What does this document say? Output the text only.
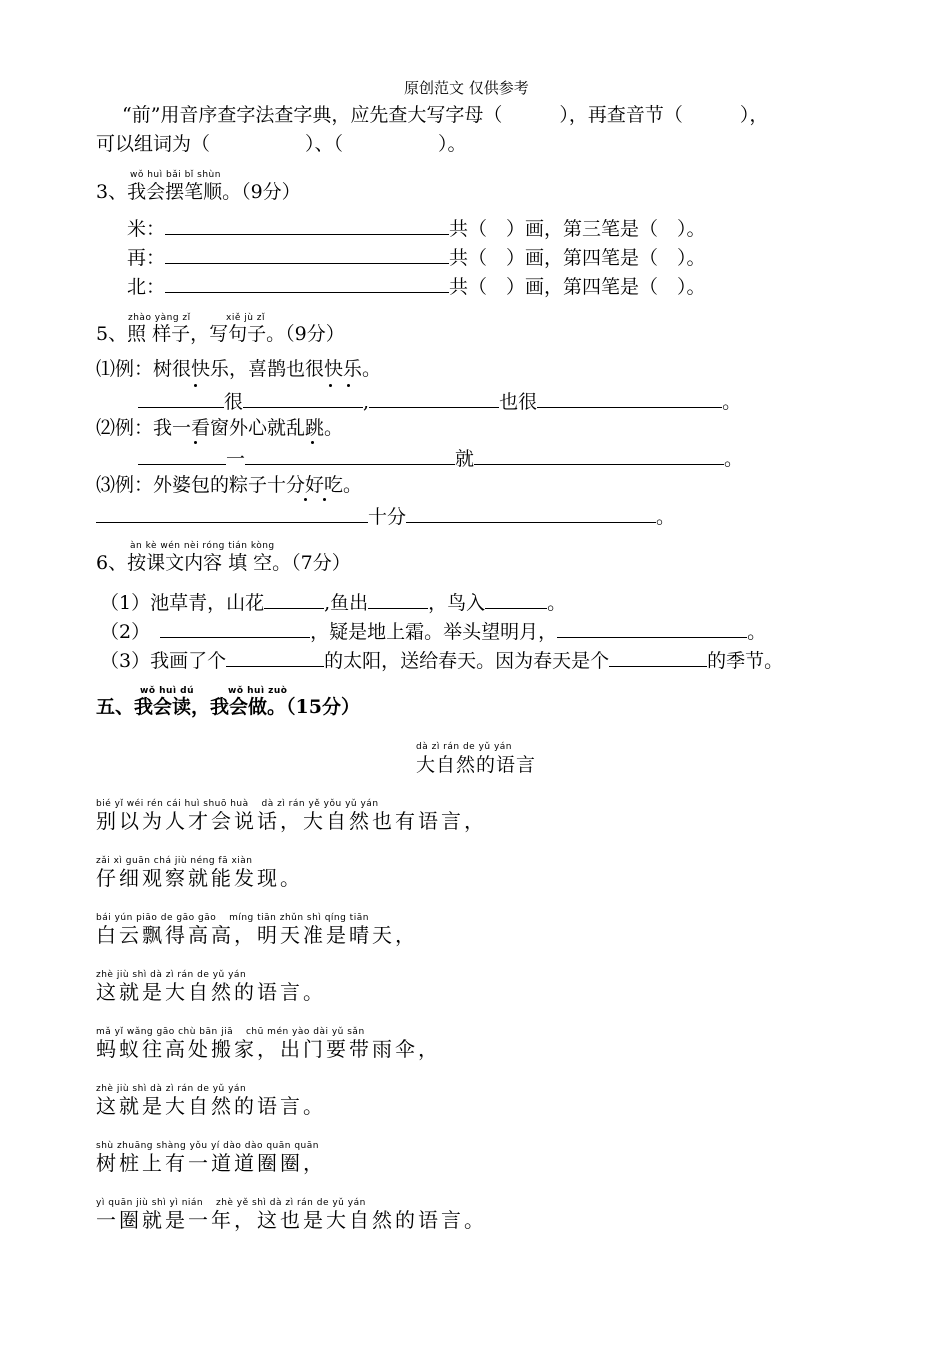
原创范文 仅供参考
“前”用音序查字法查字典，应先查大写字母（　　　），再查音节（　　　），
可以组词为（　　　　　）、（　　　　　）。
wǒ huì bǎi bǐ shùn
3、我会摆笔顺。（9分）
米：	共（　）画，第三笔是（　）。
再：	共（　）画，第四笔是（　）。
北：	共（　）画，第四笔是（　）。
zhào yàng zǐ	xiě jù zǐ
5、照 样子，写句子。（9分）
⑴例：树很快乐，喜鹊也很快乐。
很	,	也很	。
⑵例：我一看窗外心就乱跳。
一	就	。
⑶例：外婆包的粽子十分好吃。
十分	。
àn kè wén nèi róng tián kòng
6、按课文内容 填 空。（7分）
（1）池草青，山花	,鱼出	，鸟入	。
（2）	，疑是地上霜。举头望明月，	。
（3）我画了个	的太阳，送给春天。因为春天是个	的季节。
wǒ huì dú	wǒ huì zuò
五、我会读，我会做。（15分）
dà zì rán de yǔ yán
大自然的语言
bié yǐ wéi rén cái huì shuō huà　 dà zì rán yě yǒu yǔ yán
别以为人才会说话，大自然也有语言，
zǎi xì guān chá jiù néng fā xiàn
仔细观察就能发现。
bái yún piāo de gāo gāo　 míng tiān zhǔn shì qíng tiān
白云飘得高高，明天准是晴天，
zhè jiù shì dà zì rán de yǔ yán
这就是大自然的语言。
mǎ yǐ wǎng gāo chù bān jiā　 chū mén yào dài yǔ sǎn
蚂蚁往高处搬家，出门要带雨伞，
zhè jiù shì dà zì rán de yǔ yán
这就是大自然的语言。
shù zhuāng shàng yǒu yí dào dào quān quān
树桩上有一道道圈圈，
yì quān jiù shì yì nián　 zhè yě shì dà zì rán de yǔ yán
一圈就是一年，这也是大自然的语言。
